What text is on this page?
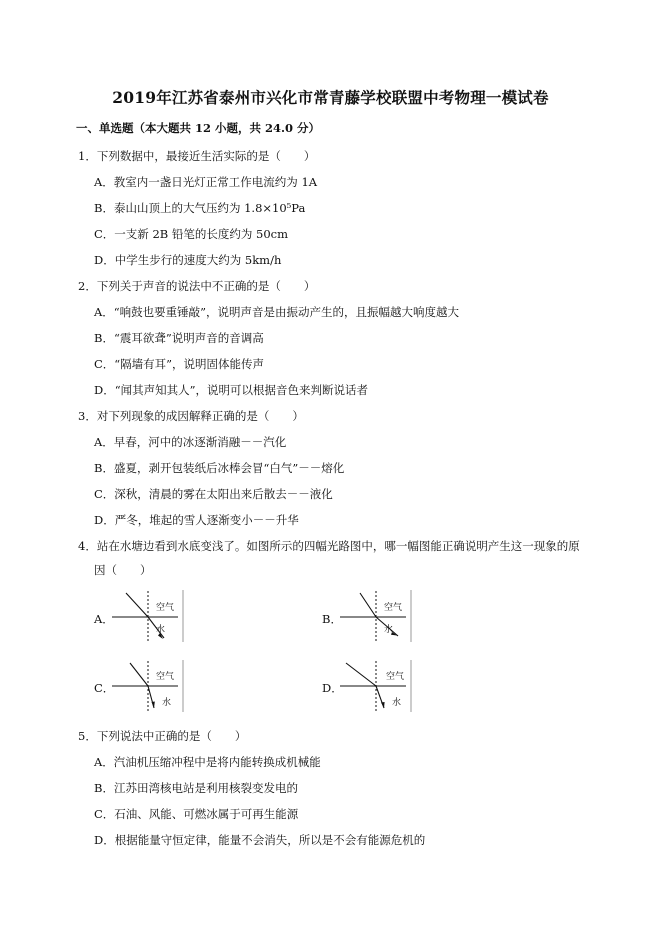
2019年江苏省泰州市兴化市常青藤学校联盟中考物理一模试卷
一、单选题（本大题共 12 小题，共 24.0 分）
1．下列数据中，最接近生活实际的是（　　）
A．教室内一盏日光灯正常工作电流约为 1A
B．泰山山顶上的大气压约为 1.8×10⁵Pa
C．一支新 2B 铅笔的长度约为 50cm
D．中学生步行的速度大约为 5km/h
2．下列关于声音的说法中不正确的是（　　）
A．“响鼓也要重锤敲”，说明声音是由振动产生的，且振幅越大响度越大
B．“震耳欲聋”说明声音的音调高
C．“隔墙有耳”，说明固体能传声
D．“闻其声知其人”，说明可以根据音色来判断说话者
3．对下列现象的成因解释正确的是（　　）
A．早春，河中的冰逐渐消融－－汽化
B．盛夏，剥开包装纸后冰棒会冒“白气”－－熔化
C．深秋，清晨的雾在太阳出来后散去－－液化
D．严冬，堆起的雪人逐渐变小－－升华
4．站在水塘边看到水底变浅了。如图所示的四幅光路图中，哪一幅图能正确说明产生这一现象的原
因（　　）
A．
空气
水
B．
空气
水
C．
空气
水
D．
空气
水
5．下列说法中正确的是（　　）
A．汽油机压缩冲程中是将内能转换成机械能
B．江苏田湾核电站是利用核裂变发电的
C．石油、风能、可燃冰属于可再生能源
D．根据能量守恒定律，能量不会消失，所以是不会有能源危机的
